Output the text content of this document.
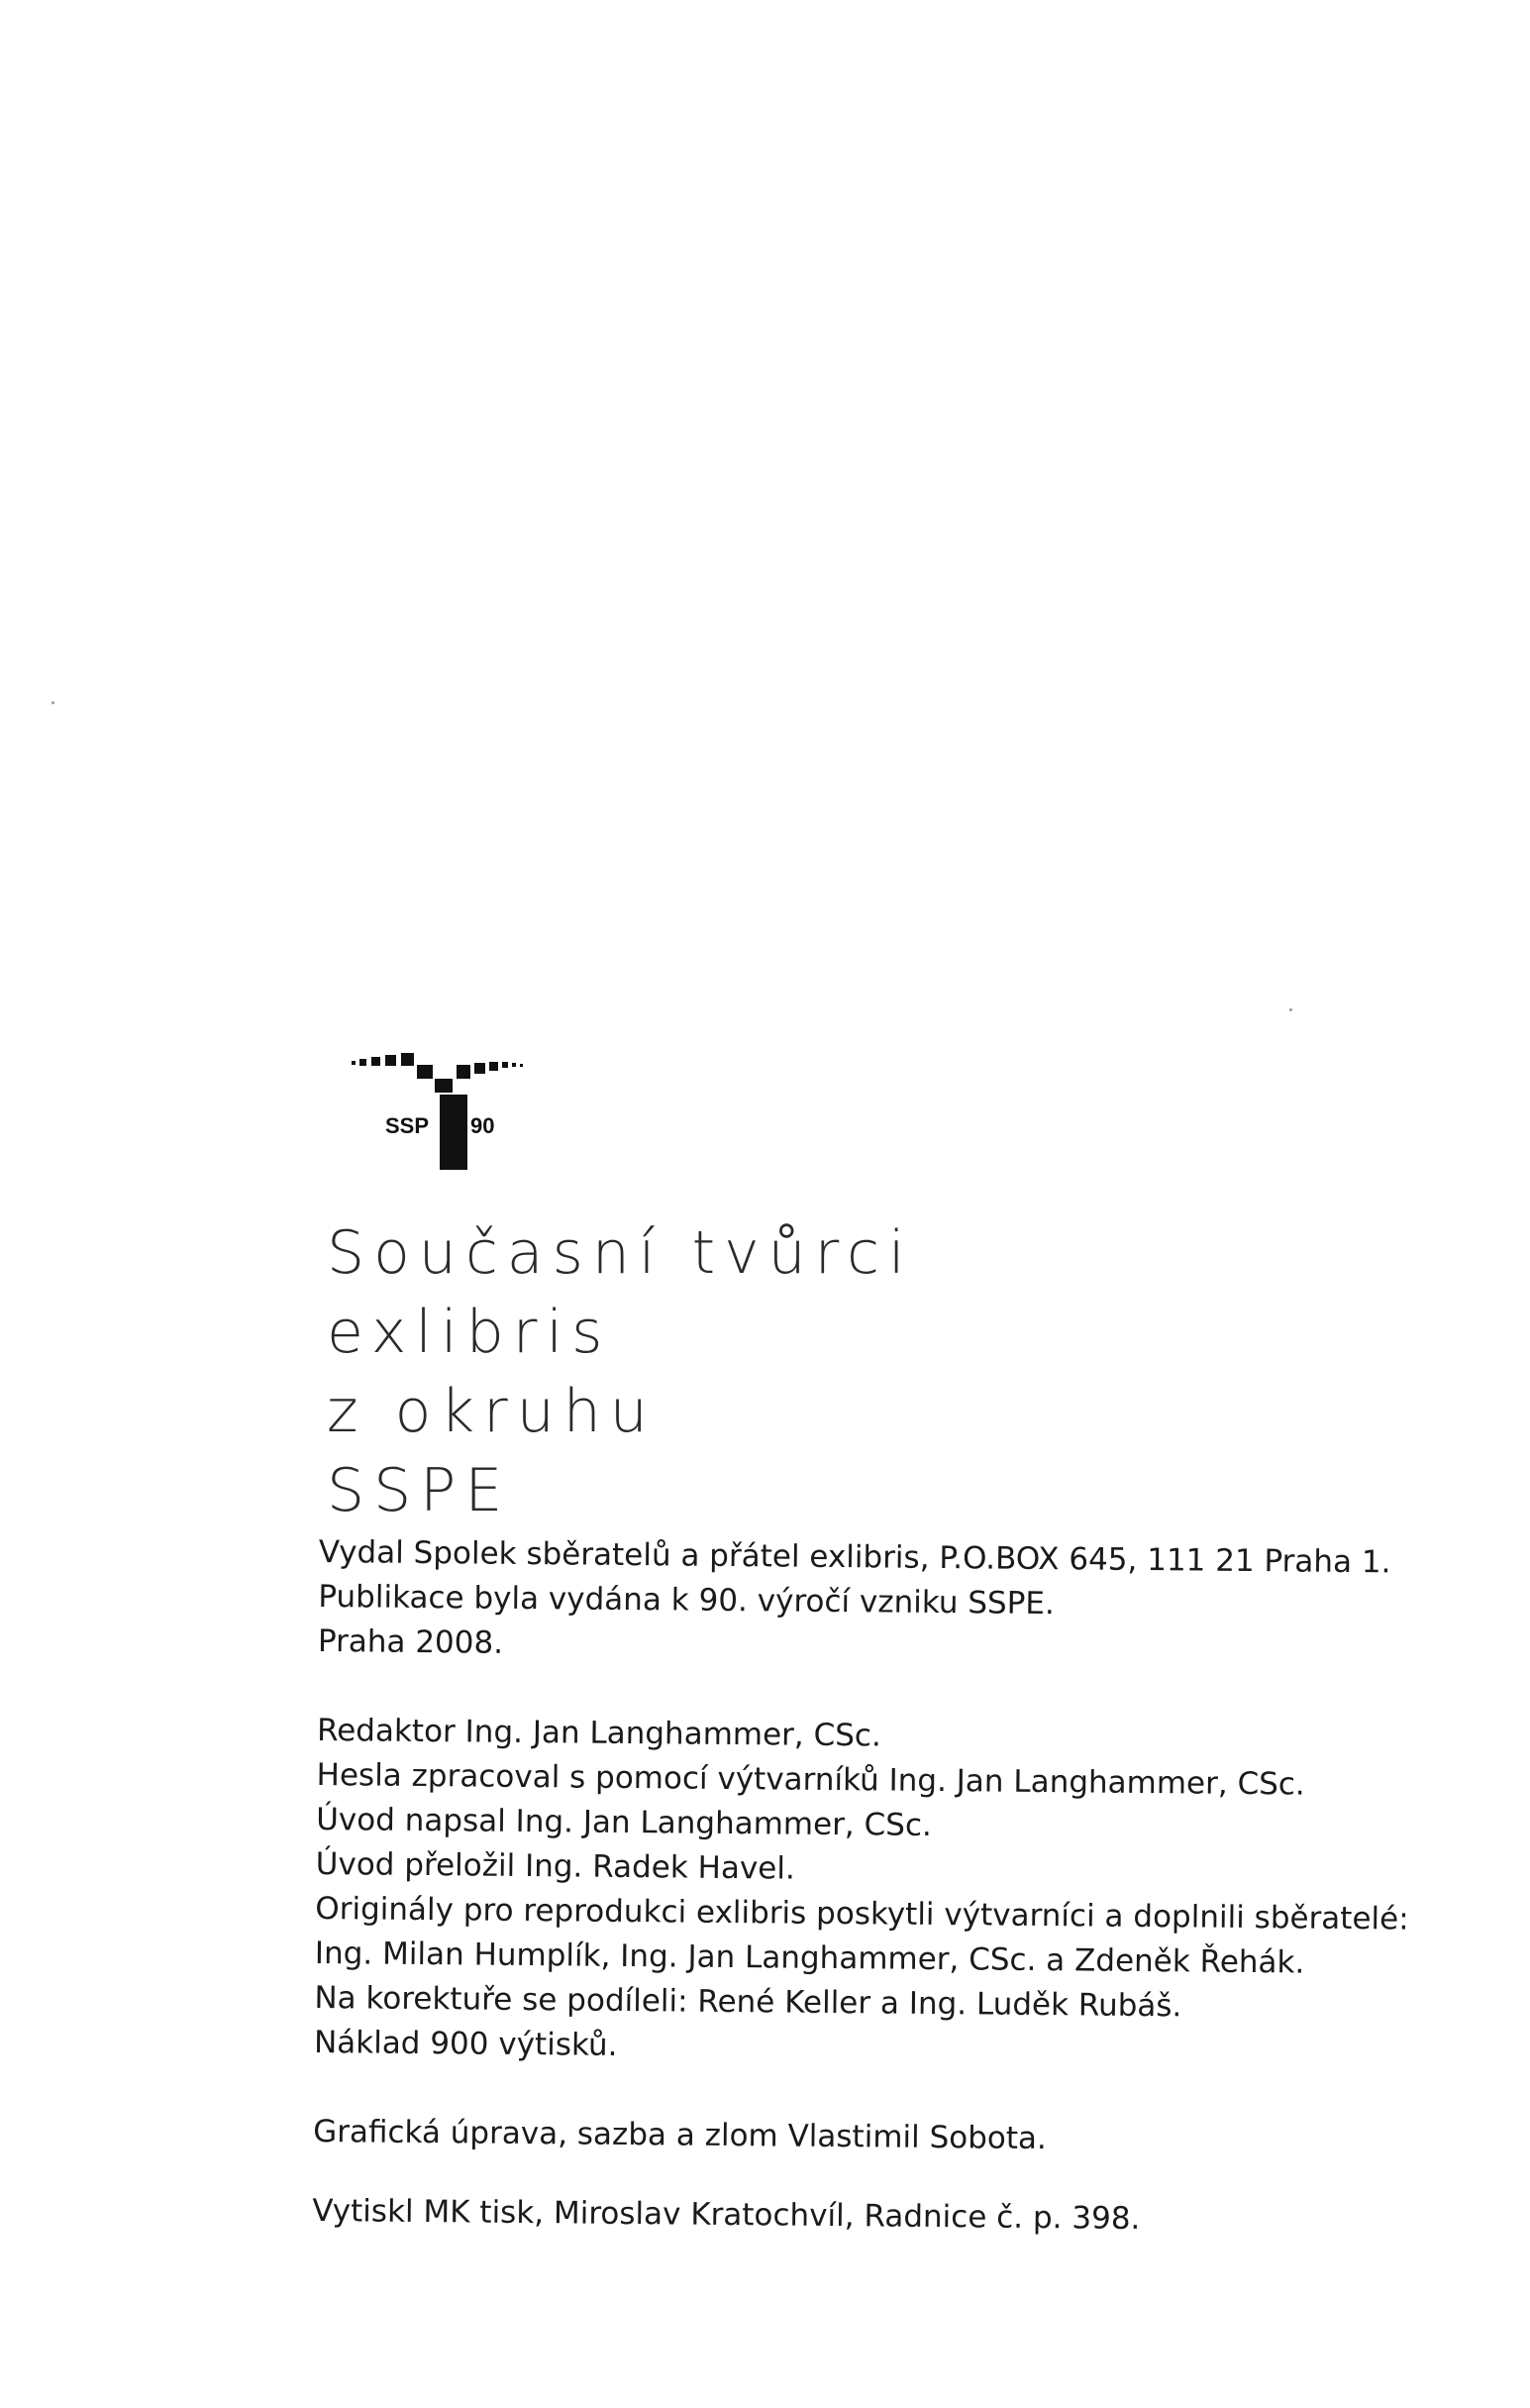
SSP 90
Současní tvůrci
exlibris
z okruhu
SSPE
Vydal Spolek sběratelů a přátel exlibris, P.O.BOX 645, 111 21 Praha 1.
Publikace byla vydána k 90. výročí vzniku SSPE.
Praha 2008.
Redaktor Ing. Jan Langhammer, CSc.
Hesla zpracoval s pomocí výtvarníků Ing. Jan Langhammer, CSc.
Úvod napsal Ing. Jan Langhammer, CSc.
Úvod přeložil Ing. Radek Havel.
Originály pro reprodukci exlibris poskytli výtvarníci a doplnili sběratelé:
Ing. Milan Humplík, Ing. Jan Langhammer, CSc. a Zdeněk Řehák.
Na korektuře se podíleli: René Keller a Ing. Luděk Rubáš.
Náklad 900 výtisků.
Grafická úprava, sazba a zlom Vlastimil Sobota.
Vytiskl MK tisk, Miroslav Kratochvíl, Radnice č. p. 398.
